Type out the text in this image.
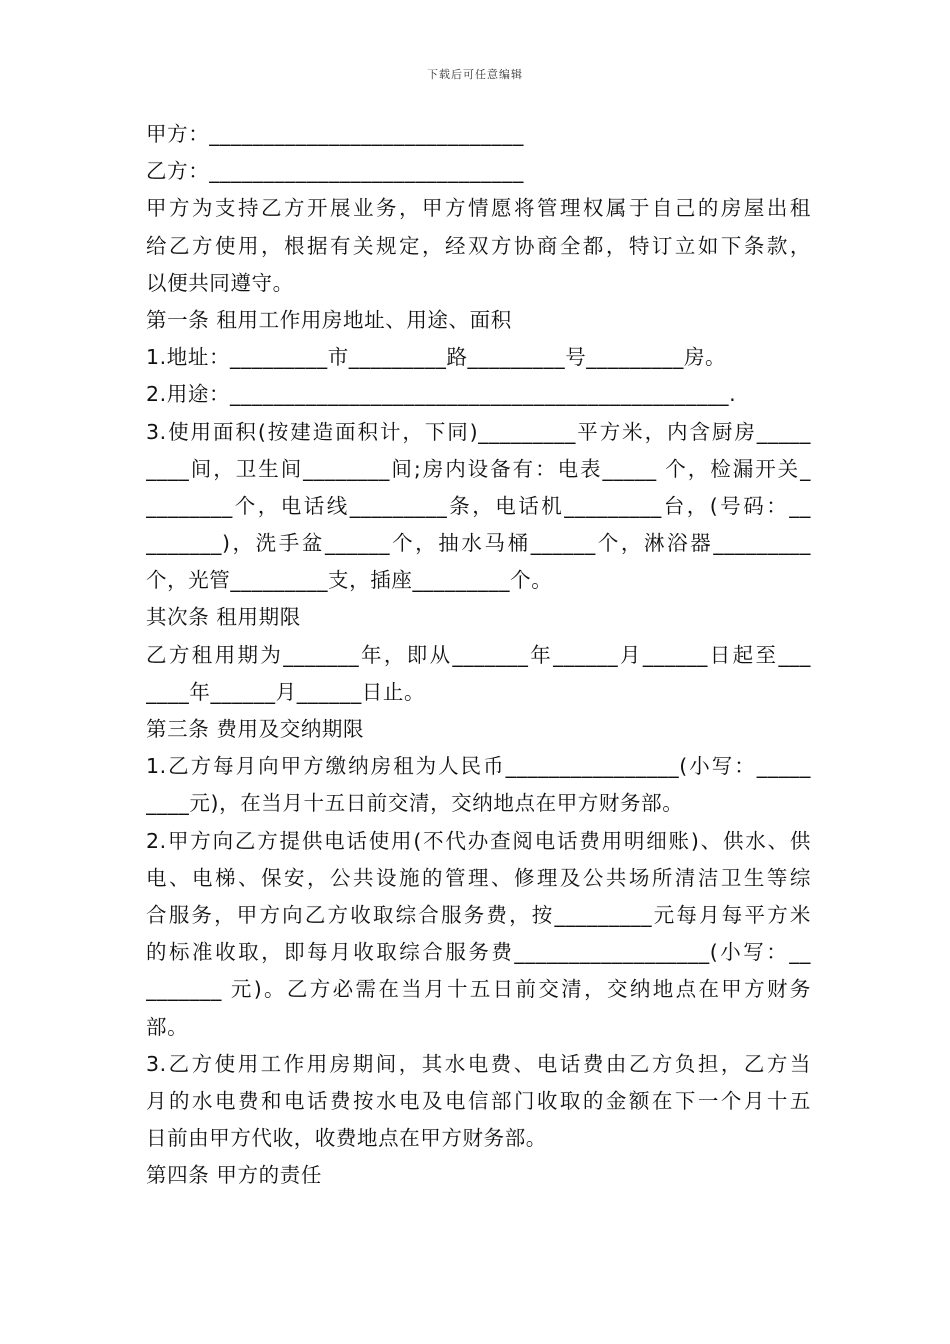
下载后可任意编辑
甲方：_____________________________
乙方：_____________________________
甲方为支持乙方开展业务，甲方情愿将管理权属于自己的房屋出租
给乙方使用，根据有关规定，经双方协商全都，特订立如下条款，
以便共同遵守。
第一条 租用工作用房地址、用途、面积
1.地址：_________市_________路_________号_________房。
2.用途：______________________________________________.
3.使用面积(按建造面积计，下同)_________平方米，内含厨房_____
____间，卫生间________间;房内设备有：电表_____ 个，检漏开关_
________个，电话线_________条，电话机_________台，(号码：__
_______)，洗手盆______个，抽水马桶______个，淋浴器_________
个，光管_________支，插座_________个。
其次条 租用期限
乙方租用期为_______年，即从_______年______月______日起至___
____年______月______日止。
第三条 费用及交纳期限
1.乙方每月向甲方缴纳房租为人民币________________(小写：_____
____元)，在当月十五日前交清，交纳地点在甲方财务部。
2.甲方向乙方提供电话使用(不代办查阅电话费用明细账)、供水、供
电、电梯、保安，公共设施的管理、修理及公共场所清洁卫生等综
合服务，甲方向乙方收取综合服务费，按_________元每月每平方米
的标准收取，即每月收取综合服务费__________________(小写：__
_______ 元)。乙方必需在当月十五日前交清，交纳地点在甲方财务
部。
3.乙方使用工作用房期间，其水电费、电话费由乙方负担，乙方当
月的水电费和电话费按水电及电信部门收取的金额在下一个月十五
日前由甲方代收，收费地点在甲方财务部。
第四条 甲方的责任
